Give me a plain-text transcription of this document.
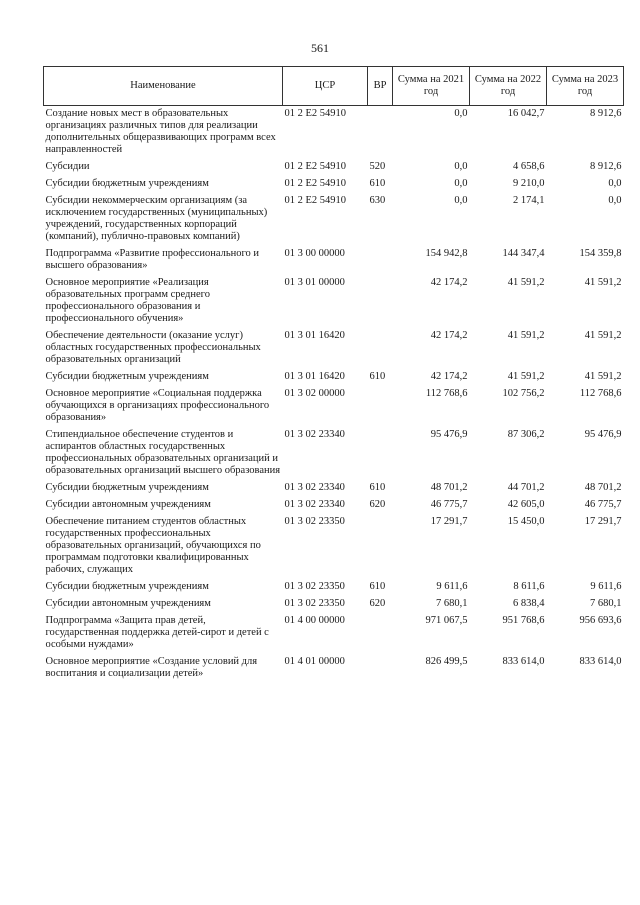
561
Наименование	ЦСР	ВР	Сумма на 2021 год	Сумма на 2022 год	Сумма на 2023 год
Создание новых мест в образовательных организациях различных типов для реализации дополнительных общеразвивающих программ всех направленностей	01 2 E2 54910		0,0	16 042,7	8 912,6
Субсидии	01 2 E2 54910	520	0,0	4 658,6	8 912,6
Субсидии бюджетным учреждениям	01 2 E2 54910	610	0,0	9 210,0	0,0
Субсидии некоммерческим организациям (за исключением государственных (муниципальных) учреждений, государственных корпораций (компаний), публично-правовых компаний)	01 2 E2 54910	630	0,0	2 174,1	0,0
Подпрограмма «Развитие профессионального и высшего образования»	01 3 00 00000		154 942,8	144 347,4	154 359,8
Основное мероприятие «Реализация образовательных программ среднего профессионального образования и профессионального обучения»	01 3 01 00000		42 174,2	41 591,2	41 591,2
Обеспечение деятельности (оказание услуг) областных государственных профессиональных образовательных организаций	01 3 01 16420		42 174,2	41 591,2	41 591,2
Субсидии бюджетным учреждениям	01 3 01 16420	610	42 174,2	41 591,2	41 591,2
Основное мероприятие «Социальная поддержка обучающихся в организациях профессионального образования»	01 3 02 00000		112 768,6	102 756,2	112 768,6
Стипендиальное обеспечение студентов и аспирантов областных государственных профессиональных образовательных организаций и образовательных организаций высшего образования	01 3 02 23340		95 476,9	87 306,2	95 476,9
Субсидии бюджетным учреждениям	01 3 02 23340	610	48 701,2	44 701,2	48 701,2
Субсидии автономным учреждениям	01 3 02 23340	620	46 775,7	42 605,0	46 775,7
Обеспечение питанием студентов областных государственных профессиональных образовательных организаций, обучающихся по программам подготовки квалифицированных рабочих, служащих	01 3 02 23350		17 291,7	15 450,0	17 291,7
Субсидии бюджетным учреждениям	01 3 02 23350	610	9 611,6	8 611,6	9 611,6
Субсидии автономным учреждениям	01 3 02 23350	620	7 680,1	6 838,4	7 680,1
Подпрограмма «Защита прав детей, государственная поддержка детей-сирот и детей с особыми нуждами»	01 4 00 00000		971 067,5	951 768,6	956 693,6
Основное мероприятие «Создание условий для воспитания и социализации детей»	01 4 01 00000		826 499,5	833 614,0	833 614,0
